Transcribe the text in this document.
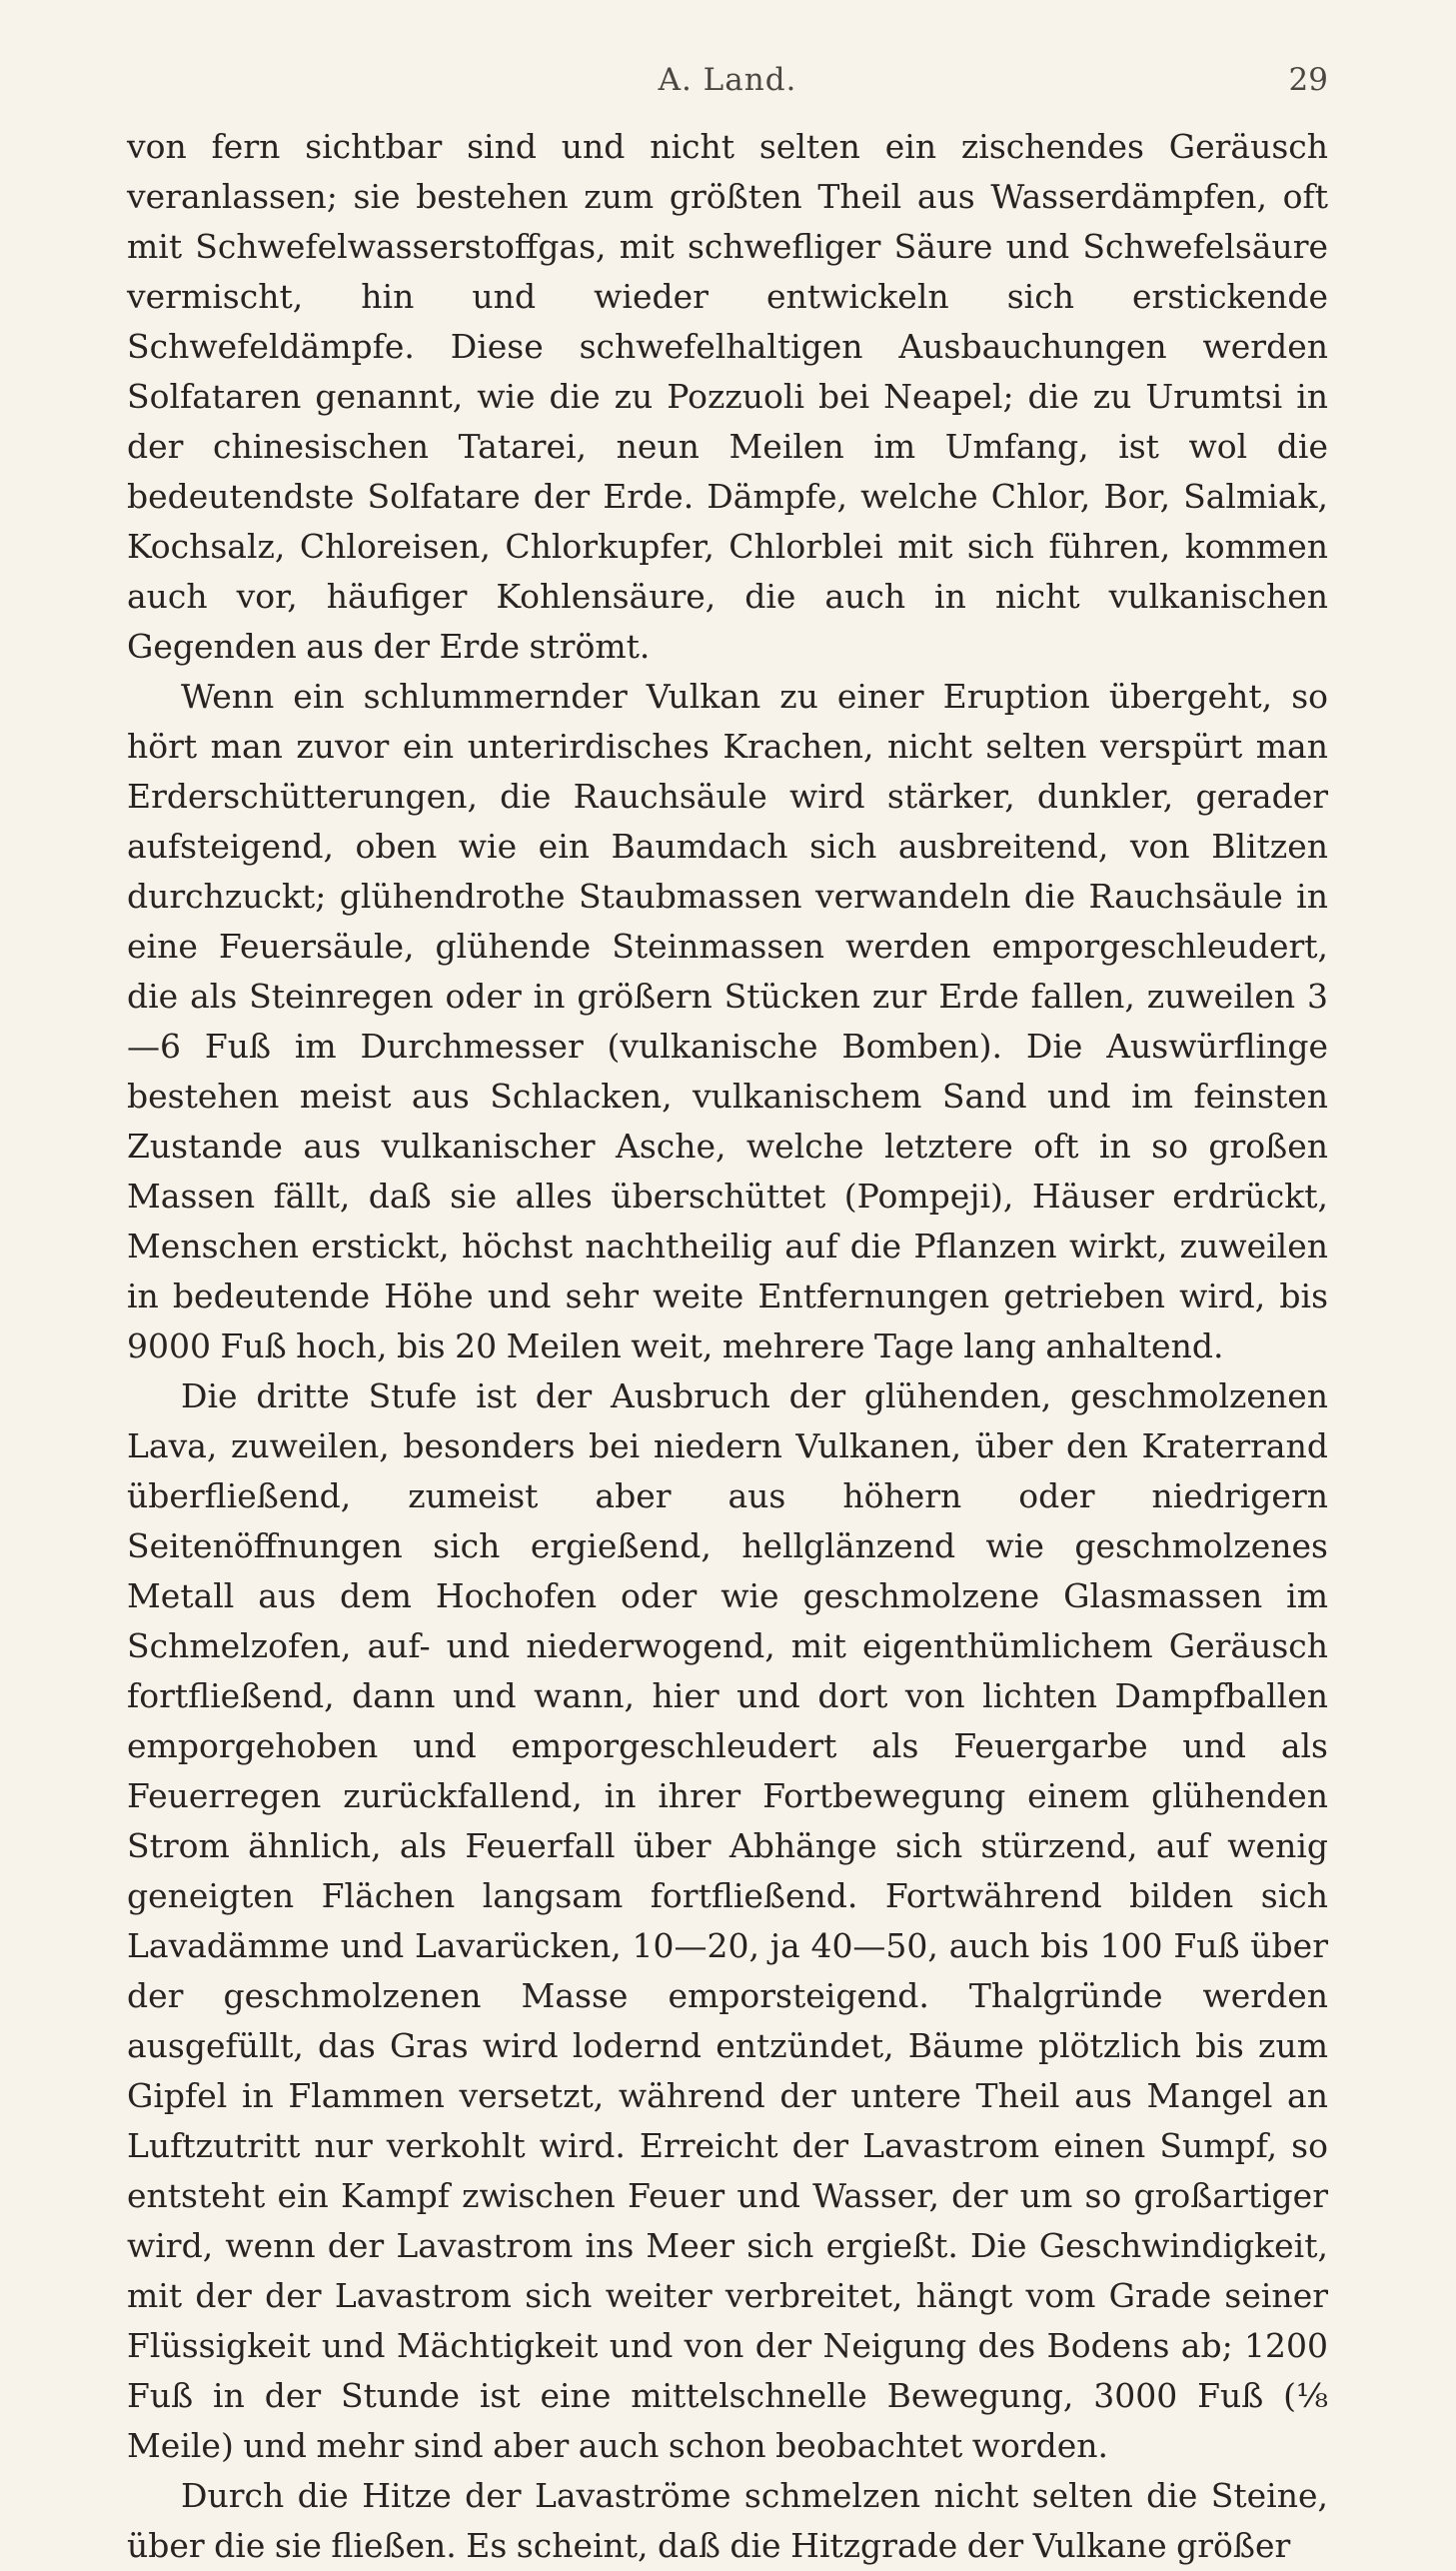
A. Land.	29

von fern sichtbar sind und nicht selten ein zischendes Geräusch veranlassen; sie bestehen zum größten Theil aus Wasserdämpfen, oft mit Schwefelwasserstoffgas, mit schwefliger Säure und Schwefelsäure vermischt, hin und wieder entwickeln sich erstickende Schwefeldämpfe. Diese schwefelhaltigen Ausbauchungen werden Solfataren genannt, wie die zu Pozzuoli bei Neapel; die zu Urumtsi in der chinesischen Tatarei, neun Meilen im Umfang, ist wol die bedeutendste Solfatare der Erde. Dämpfe, welche Chlor, Bor, Salmiak, Kochsalz, Chloreisen, Chlorkupfer, Chlorblei mit sich führen, kommen auch vor, häufiger Kohlensäure, die auch in nicht vulkanischen Gegenden aus der Erde strömt.

Wenn ein schlummernder Vulkan zu einer Eruption übergeht, so hört man zuvor ein unterirdisches Krachen, nicht selten verspürt man Erderschütterungen, die Rauchsäule wird stärker, dunkler, gerader aufsteigend, oben wie ein Baumdach sich ausbreitend, von Blitzen durchzuckt; glühendrothe Staubmassen verwandeln die Rauchsäule in eine Feuersäule, glühende Steinmassen werden emporgeschleudert, die als Steinregen oder in größern Stücken zur Erde fallen, zuweilen 3—6 Fuß im Durchmesser (vulkanische Bomben). Die Auswürflinge bestehen meist aus Schlacken, vulkanischem Sand und im feinsten Zustande aus vulkanischer Asche, welche letztere oft in so großen Massen fällt, daß sie alles überschüttet (Pompeji), Häuser erdrückt, Menschen erstickt, höchst nachtheilig auf die Pflanzen wirkt, zuweilen in bedeutende Höhe und sehr weite Entfernungen getrieben wird, bis 9000 Fuß hoch, bis 20 Meilen weit, mehrere Tage lang anhaltend.

Die dritte Stufe ist der Ausbruch der glühenden, geschmolzenen Lava, zuweilen, besonders bei niedern Vulkanen, über den Kraterrand überfließend, zumeist aber aus höhern oder niedrigern Seitenöffnungen sich ergießend, hellglänzend wie geschmolzenes Metall aus dem Hochofen oder wie geschmolzene Glasmassen im Schmelzofen, auf- und niederwogend, mit eigenthümlichem Geräusch fortfließend, dann und wann, hier und dort von lichten Dampfballen emporgehoben und emporgeschleudert als Feuergarbe und als Feuerregen zurückfallend, in ihrer Fortbewegung einem glühenden Strom ähnlich, als Feuerfall über Abhänge sich stürzend, auf wenig geneigten Flächen langsam fortfließend. Fortwährend bilden sich Lavadämme und Lavarücken, 10—20, ja 40—50, auch bis 100 Fuß über der geschmolzenen Masse emporsteigend. Thalgründe werden ausgefüllt, das Gras wird lodernd entzündet, Bäume plötzlich bis zum Gipfel in Flammen versetzt, während der untere Theil aus Mangel an Luftzutritt nur verkohlt wird. Erreicht der Lavastrom einen Sumpf, so entsteht ein Kampf zwischen Feuer und Wasser, der um so großartiger wird, wenn der Lavastrom ins Meer sich ergießt. Die Geschwindigkeit, mit der der Lavastrom sich weiter verbreitet, hängt vom Grade seiner Flüssigkeit und Mächtigkeit und von der Neigung des Bodens ab; 1200 Fuß in der Stunde ist eine mittelschnelle Bewegung, 3000 Fuß (⅛ Meile) und mehr sind aber auch schon beobachtet worden.

Durch die Hitze der Lavaströme schmelzen nicht selten die Steine, über die sie fließen. Es scheint, daß die Hitzgrade der Vulkane größer
